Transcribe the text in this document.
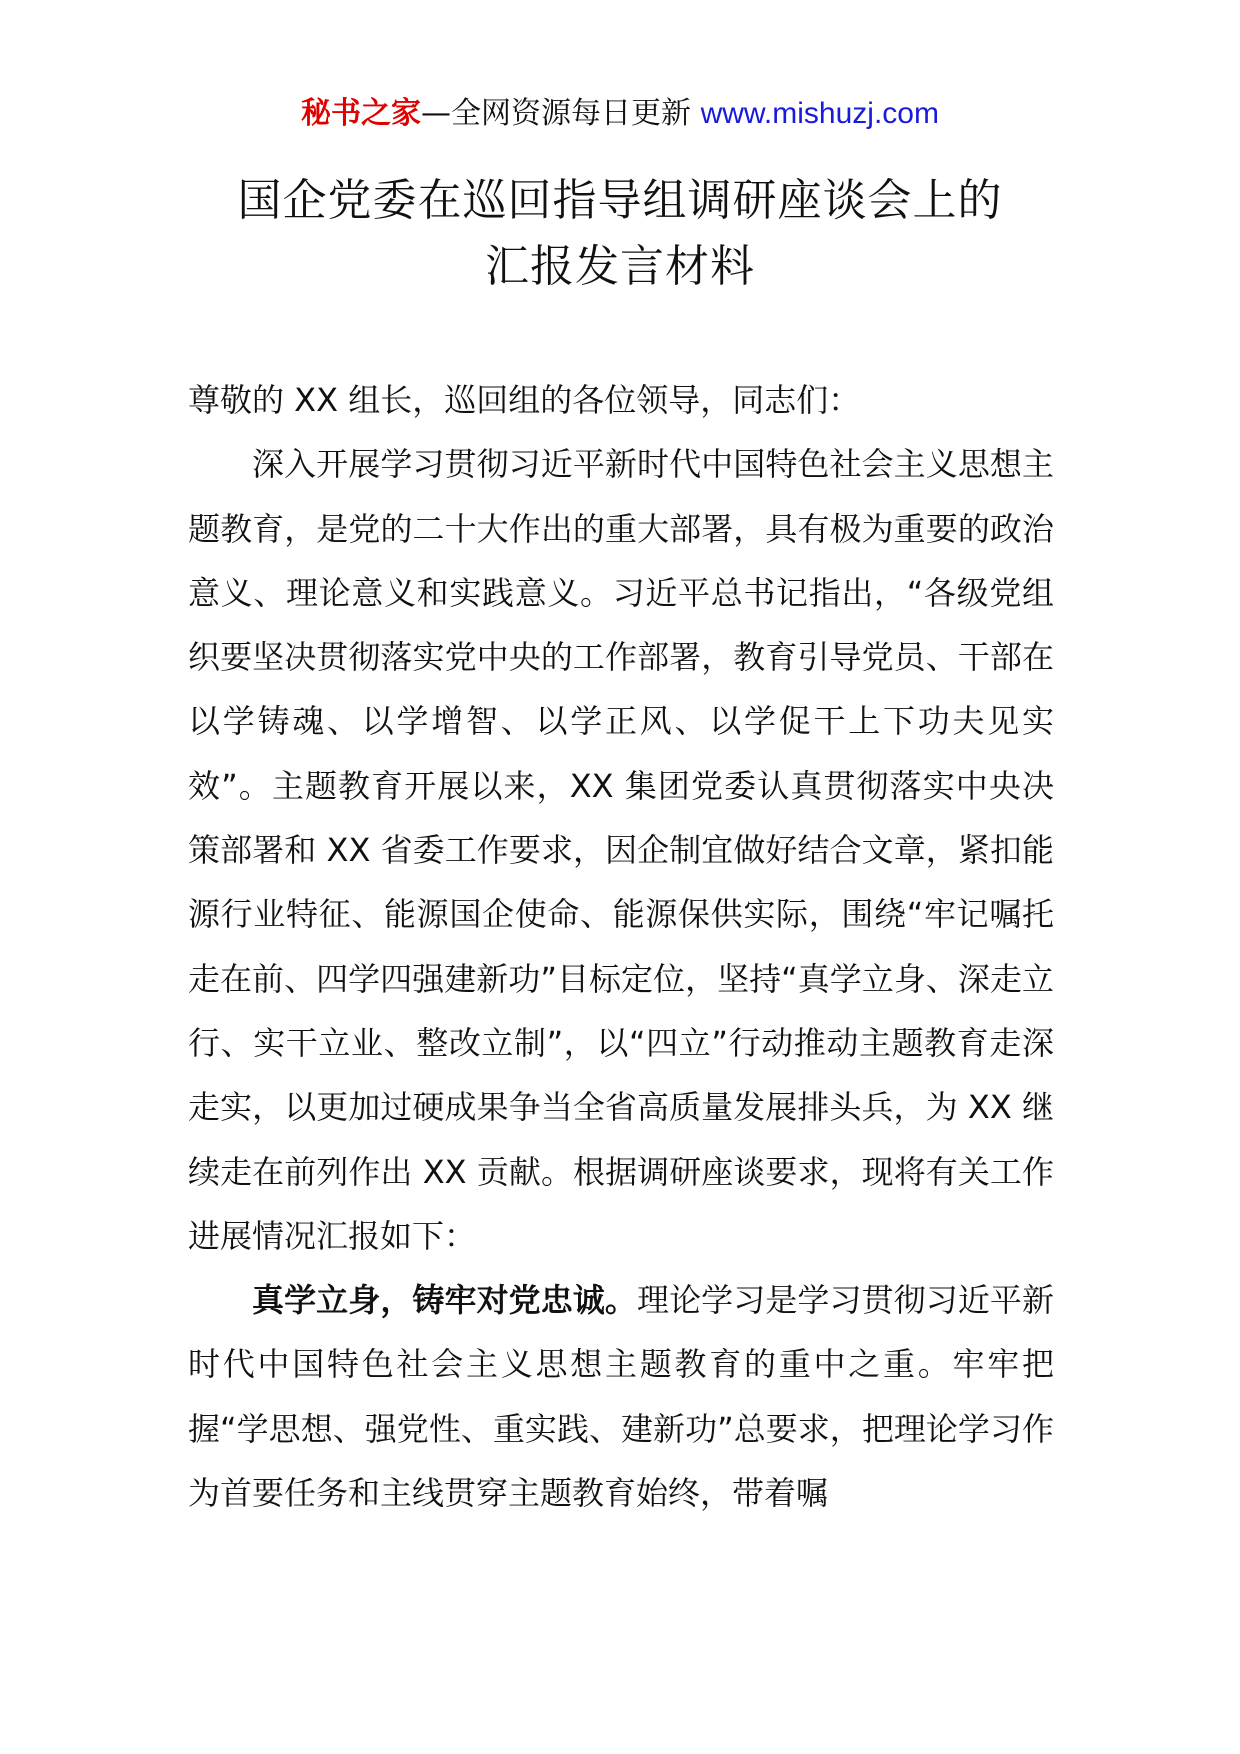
秘书之家—全网资源每日更新 www.mishuzj.com
国企党委在巡回指导组调研座谈会上的
汇报发言材料

尊敬的 XX 组长，巡回组的各位领导，同志们：

深入开展学习贯彻习近平新时代中国特色社会主义思想主题教育，是党的二十大作出的重大部署，具有极为重要的政治意义、理论意义和实践意义。习近平总书记指出，“各级党组织要坚决贯彻落实党中央的工作部署，教育引导党员、干部在以学铸魂、以学增智、以学正风、以学促干上下功夫见实效”。主题教育开展以来，XX 集团党委认真贯彻落实中央决策部署和 XX 省委工作要求，因企制宜做好结合文章，紧扣能源行业特征、能源国企使命、能源保供实际，围绕“牢记嘱托走在前、四学四强建新功”目标定位，坚持“真学立身、深走立行、实干立业、整改立制”，以“四立”行动推动主题教育走深走实，以更加过硬成果争当全省高质量发展排头兵，为 XX 继续走在前列作出 XX 贡献。根据调研座谈要求，现将有关工作进展情况汇报如下：

真学立身，铸牢对党忠诚。理论学习是学习贯彻习近平新时代中国特色社会主义思想主题教育的重中之重。牢牢把握“学思想、强党性、重实践、建新功”总要求，把理论学习作为首要任务和主线贯穿主题教育始终，带着嘱
